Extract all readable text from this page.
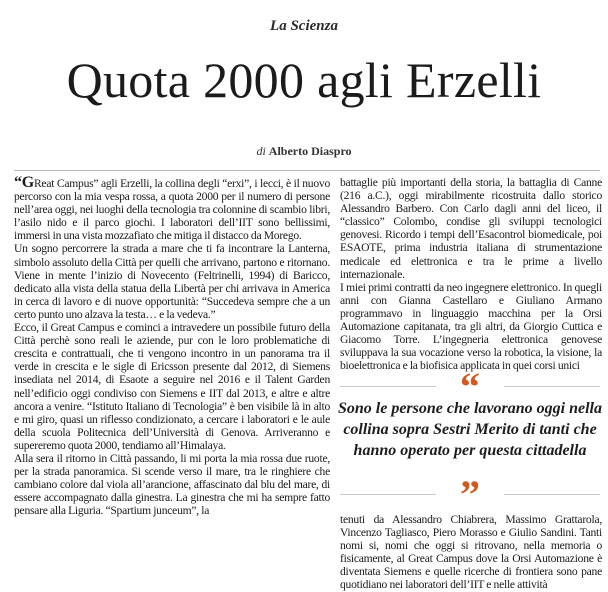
La Scienza
Quota 2000 agli Erzelli
di Alberto Diaspro

“GReat Campus” agli Erzelli, la collina degli “erxi”, i lecci, è il nuovo percorso con la mia vespa rossa, a quota 2000 per il numero di persone nell’area oggi, nei luoghi della tecnologia tra colonnine di scambio libri, l’asilo nido e il parco giochi. I laboratori dell’IIT sono bellissimi, immersi in una vista mozzafiato che mitiga il distacco da Morego.

Un sogno percorrere la strada a mare che ti fa incontrare la Lanterna, simbolo assoluto della Città per quelli che arrivano, partono e ritornano. Viene in mente l’inizio di Novecento (Feltrinelli, 1994) di Baricco, dedicato alla vista della statua della Libertà per chi arrivava in America in cerca di lavoro e di nuove opportunità: “Succedeva sempre che a un certo punto uno alzava la testa… e la vedeva.”

Ecco, il Great Campus e cominci a intravedere un possibile futuro della Città perchè sono reali le aziende, pur con le loro problematiche di crescita e contrattuali, che ti vengono incontro in un panorama tra il verde in crescita e le sigle di Ericsson presente dal 2012, di Siemens insediata nel 2014, di Esaote a seguire nel 2016 e il Talent Garden nell’edificio oggi condiviso con Siemens e IIT dal 2013, e altre e altre ancora a venire. “Istituto Italiano di Tecnologia” è ben visibile là in alto e mi giro, quasi un riflesso condizionato, a cercare i laboratori e le aule della scuola Politecnica dell’Università di Genova. Arriveranno e supereremo quota 2000, tendiamo all’Himalaya.

Alla sera il ritorno in Città passando, li mi porta la mia rossa due ruote, per la strada panoramica. Si scende verso il mare, tra le ringhiere che cambiano colore dal viola all’arancione, affascinato dal blu del mare, di essere accompagnato dalla ginestra. La ginestra che mi ha sempre fatto pensare alla Liguria. “Spartium junceum”, la

battaglie più importanti della storia, la battaglia di Canne (216 a.C.), oggi mirabilmente ricostruita dallo storico Alessandro Barbero. Con Carlo dagli anni del liceo, il “classico” Colombo, condise gli sviluppi tecnologici genovesi. Ricordo i tempi dell’Esacontrol biomedicale, poi ESAOTE, prima industria italiana di strumentazione medicale ed elettronica e tra le prime a livello internazionale.

I miei primi contratti da neo ingegnere elettronico. In quegli anni con Gianna Castellaro e Giuliano Armano programmavo in linguaggio macchina per la Orsi Automazione capitanata, tra gli altri, da Giorgio Cuttica e Giacomo Torre. L’ingegneria elettronica genovese sviluppava la sua vocazione verso la robotica, la visione, la bioelettronica e la biofisica applicata in quei corsi unici

“
Sono le persone che lavorano oggi nella collina sopra Sestri Merito di tanti che hanno operato per questa cittadella
”

tenuti da Alessandro Chiabrera, Massimo Grattarola, Vincenzo Tagliasco, Piero Morasso e Giulio Sandini. Tanti nomi si, nomi che oggi si ritrovano, nella memoria o fisicamente, al Great Campus dove la Orsi Automazione è diventata Siemens e quelle ricerche di frontiera sono pane quotidiano nei laboratori dell’IIT e nelle attività
